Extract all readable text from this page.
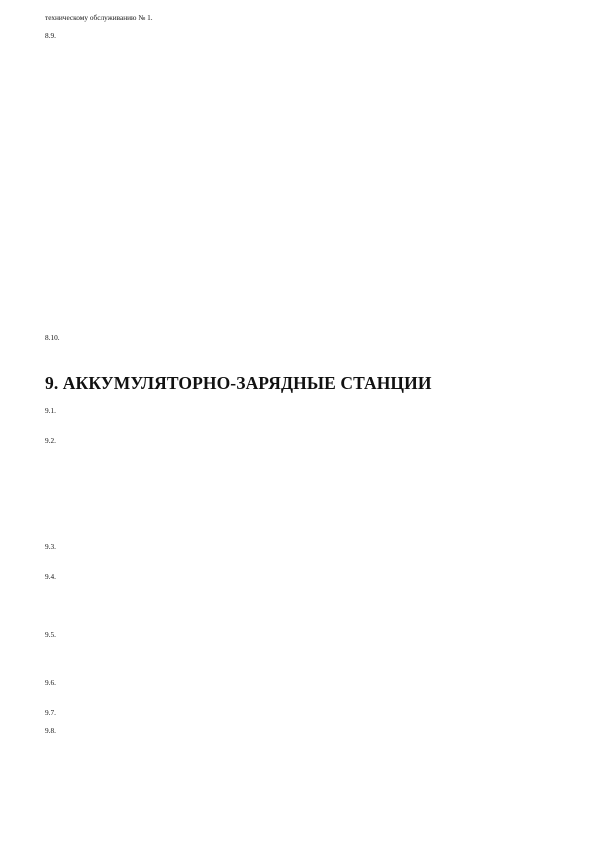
техническому обслуживанию № 1.

8.9.

8.10.

9. АККУМУЛЯТОРНО-ЗАРЯДНЫЕ СТАНЦИИ

9.1.

9.2.

9.3.

9.4.

9.5.

9.6.

9.7.

9.8.
